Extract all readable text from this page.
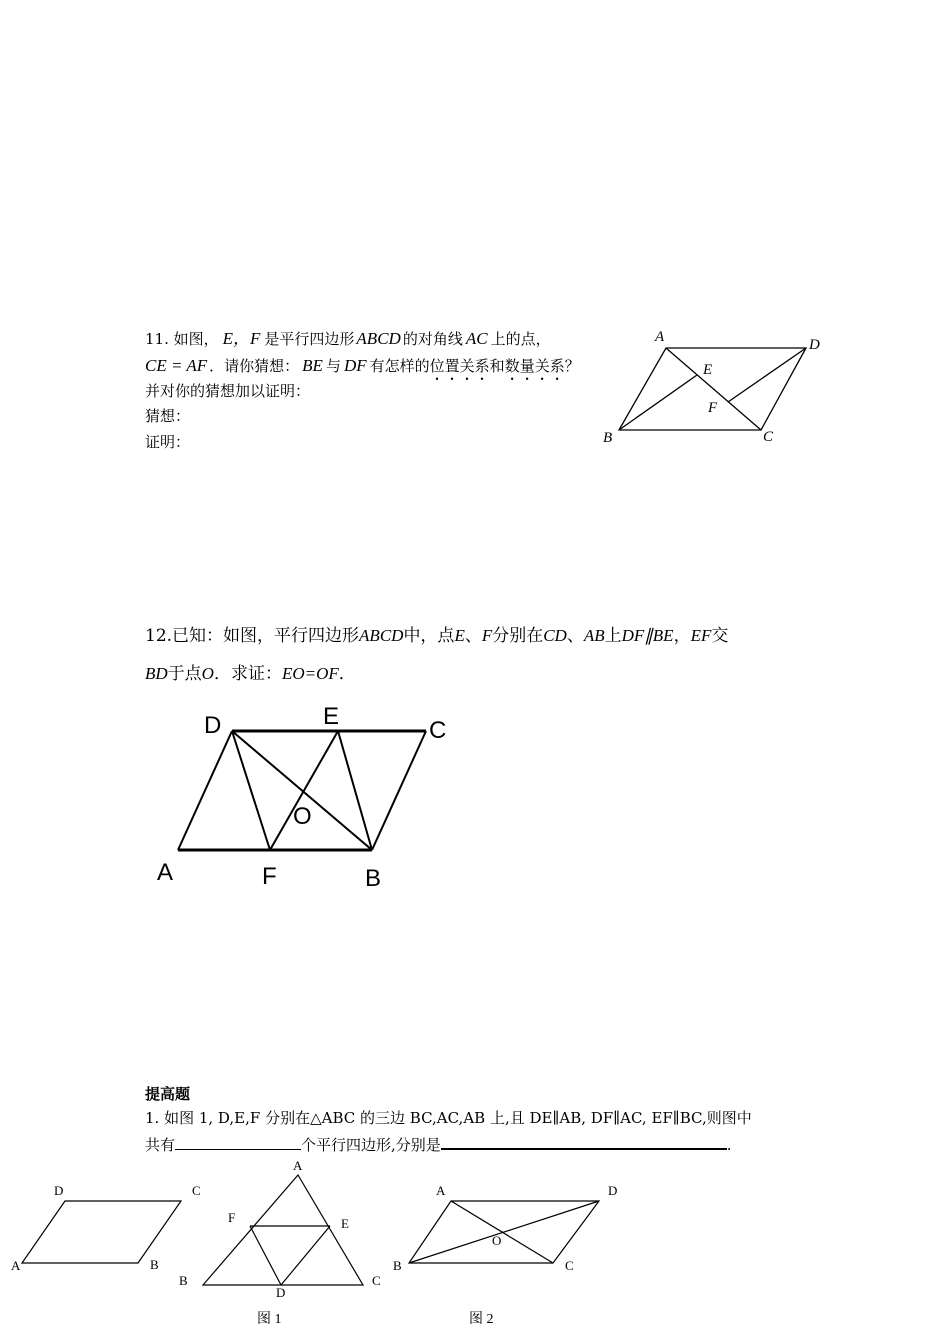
11. 如图， E，F 是平行四边形 ABCD 的对角线 AC 上的点，
CE = AF ．请你猜想： BE 与 DF 有怎样的位置关系和数量关系？
并对你的猜想加以证明：
猜想：
证明：
A	D
E
F
B	C
12.已知：如图，平行四边形ABCD中，点E、F分别在CD、AB上DF∥BE，EF交
BD于点O．求证：EO=OF．
D	E
C
O
A	F	B
提高题
1. 如图 1, D,E,F 分别在△ABC 的三边 BC,AC,AB 上,且 DE∥AB, DF∥AC, EF∥BC,则图中
共有	个平行四边形,分别是	.
D	C
A	B
A
F	E
B	C
D
图 1
A	D
O
B	C
图 2
